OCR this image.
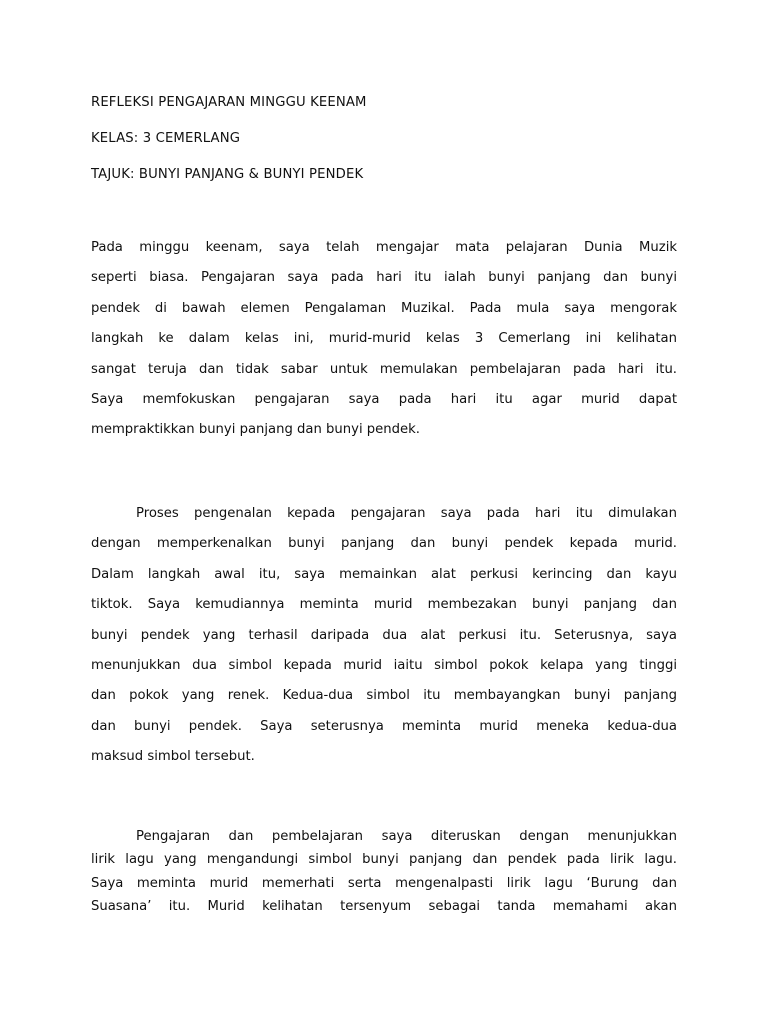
REFLEKSI PENGAJARAN MINGGU KEENAM
KELAS: 3 CEMERLANG
TAJUK: BUNYI PANJANG & BUNYI PENDEK
Pada minggu keenam, saya telah mengajar mata pelajaran Dunia Muzik
seperti biasa. Pengajaran saya pada hari itu ialah bunyi panjang dan bunyi
pendek di bawah elemen Pengalaman Muzikal. Pada mula saya mengorak
langkah ke dalam kelas ini, murid-murid kelas 3 Cemerlang ini kelihatan
sangat teruja dan tidak sabar untuk memulakan pembelajaran pada hari itu.
Saya memfokuskan pengajaran saya pada hari itu agar murid dapat
mempraktikkan bunyi panjang dan bunyi pendek.
Proses pengenalan kepada pengajaran saya pada hari itu dimulakan
dengan memperkenalkan bunyi panjang dan bunyi pendek kepada murid.
Dalam langkah awal itu, saya memainkan alat perkusi kerincing dan kayu
tiktok. Saya kemudiannya meminta murid membezakan bunyi panjang dan
bunyi pendek yang terhasil daripada dua alat perkusi itu. Seterusnya, saya
menunjukkan dua simbol kepada murid iaitu simbol pokok kelapa yang tinggi
dan pokok yang renek. Kedua-dua simbol itu membayangkan bunyi panjang
dan bunyi pendek. Saya seterusnya meminta murid meneka kedua-dua
maksud simbol tersebut.
Pengajaran dan pembelajaran saya diteruskan dengan menunjukkan
lirik lagu yang mengandungi simbol bunyi panjang dan pendek pada lirik lagu.
Saya meminta murid memerhati serta mengenalpasti lirik lagu ‘Burung dan
Suasana’ itu. Murid kelihatan tersenyum sebagai tanda memahami akan
